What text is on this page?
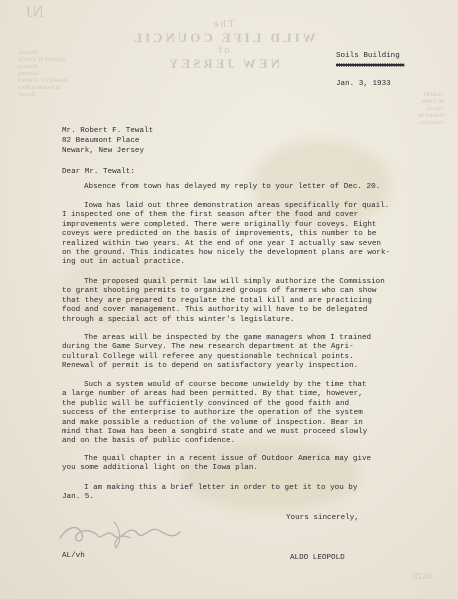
NJ
The
WILD LIFE COUNCIL
of
NEW JERSEY
Treasurer
GEORGE H. STOCK
Harrison
Secretary
ROBERT F. TEWALT
82 Beaumont Place
Newark	ALBERT
M. CARR
Vice Ch.
HARRY M.
Ocean City
NLTB
Soils Building
xxxxxxxxxxxxxxx
Jan. 3, 1933
Mr. Robert F. Tewalt
82 Beaumont Place
Newark, New Jersey
Dear Mr. Tewalt:
Absence from town has delayed my reply to your letter of Dec. 20.
Iowa has laid out three demonstration areas specifically for quail.
I inspected one of them the first season after the food and cover
improvements were completed. There were originally four coveys. Eight
coveys were predicted on the basis of improvements, this number to be
realized within two years. At the end of one year I actually saw seven
on the ground. This indicates how nicely the development plans are work-
ing out in actual practice.
The proposed quail permit law will simply authorize the Commission
to grant shooting permits to organized groups of farmers who can show
that they are prepared to regulate the total kill and are practicing
food and cover management. This authority will have to be delegated
through a special act of this winter's legislature.
The areas will be inspected by the game managers whom I trained
during the Game Survey. The new research department at the Agri-
cultural College will referee any questionable technical points.
Renewal of permit is to depend on satisfactory yearly inspection.
Such a system would of course become unwieldy by the time that
a large number of areas had been permitted. By that time, however,
the public will be sufficiently convinced of the good faith and
success of the enterprise to authorize the operation of the system
and make possible a reduction of the volume of inspection. Bear in
mind that Iowa has been a songbird state and we must proceed slowly
and on the basis of public confidence.
The quail chapter in a recent issue of Outdoor America may give
you some additional light on the Iowa plan.
I am making this a brief letter in order to get it to you by
Jan. 5.
Yours sincerely,
ALDO LEOPOLD
AL/vh
